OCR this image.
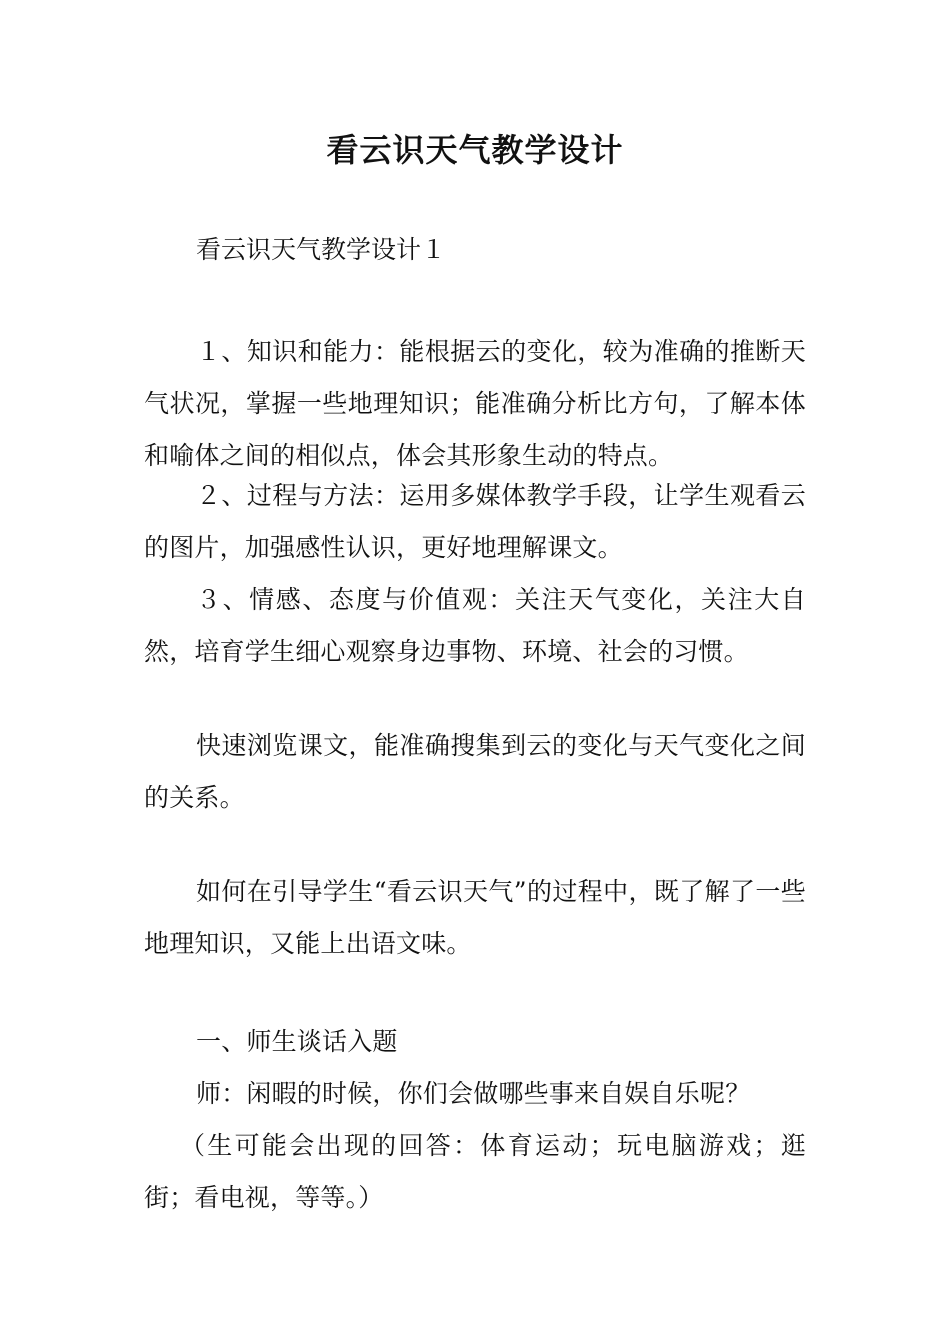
看云识天气教学设计
看云识天气教学设计１
１、知识和能力：能根据云的变化，较为准确的推断天气状况，掌握一些地理知识；能准确分析比方句，了解本体和喻体之间的相似点，体会其形象生动的特点。
２、过程与方法：运用多媒体教学手段，让学生观看云的图片，加强感性认识，更好地理解课文。
３、情感、态度与价值观：关注天气变化，关注大自然，培育学生细心观察身边事物、环境、社会的习惯。
快速浏览课文，能准确搜集到云的变化与天气变化之间的关系。
如何在引导学生“看云识天气”的过程中，既了解了一些地理知识，又能上出语文味。
一、师生谈话入题
师：闲暇的时候，你们会做哪些事来自娱自乐呢？
（生可能会出现的回答：体育运动；玩电脑游戏；逛街；看电视，等等。）
